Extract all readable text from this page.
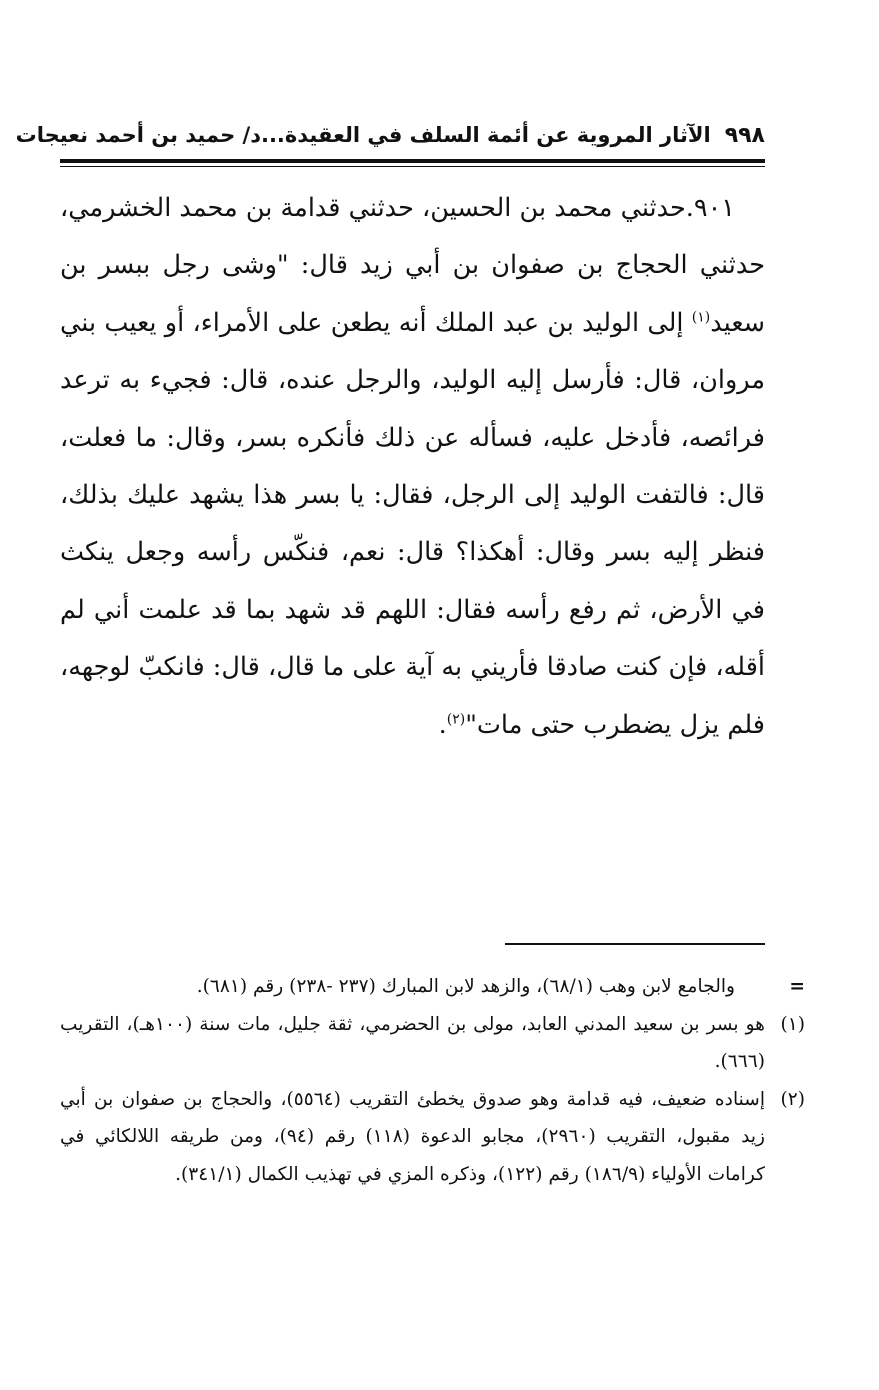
٩٩٨
الآثار المروية عن أئمة السلف في العقيدة...د/ حميد بن أحمد نعيجات

٩٠١.حدثني محمد بن الحسين، حدثني قدامة بن محمد الخشرمي، حدثني الحجاج بن صفوان بن أبي زيد قال: "وشى رجل ببسر بن سعيد$^{(١)}$ إلى الوليد بن عبد الملك أنه يطعن على الأمراء، أو يعيب بني مروان، قال: فأرسل إليه الوليد، والرجل عنده، قال: فجيء به ترعد فرائصه، فأدخل عليه، فسأله عن ذلك فأنكره بسر، وقال: ما فعلت، قال: فالتفت الوليد إلى الرجل، فقال: يا بسر هذا يشهد عليك بذلك، فنظر إليه بسر وقال: أهكذا؟ قال: نعم، فنكّس رأسه وجعل ينكث في الأرض، ثم رفع رأسه فقال: اللهم قد شهد بما قد علمت أني لم أقله، فإن كنت صادقا فأريني به آية على ما قال، قال: فانكبّ لوجهه، فلم يزل يضطرب حتى مات"$^{(٢)}$.

=
والجامع لابن وهب (٦٨/١)، والزهد لابن المبارك (٢٣٧ -٢٣٨) رقم (٦٨١).

(١)
هو بسر بن سعيد المدني العابد، مولى بن الحضرمي، ثقة جليل، مات سنة (١٠٠هـ)، التقريب (٦٦٦).

(٢)
إسناده ضعيف، فيه قدامة وهو صدوق يخطئ التقريب (٥٥٦٤)، والحجاج بن صفوان بن أبي زيد مقبول، التقريب (٢٩٦٠)، مجابو الدعوة (١١٨) رقم (٩٤)، ومن طريقه اللالكائي في كرامات الأولياء (١٨٦/٩) رقم (١٢٢)، وذكره المزي في تهذيب الكمال (٣٤١/١).
